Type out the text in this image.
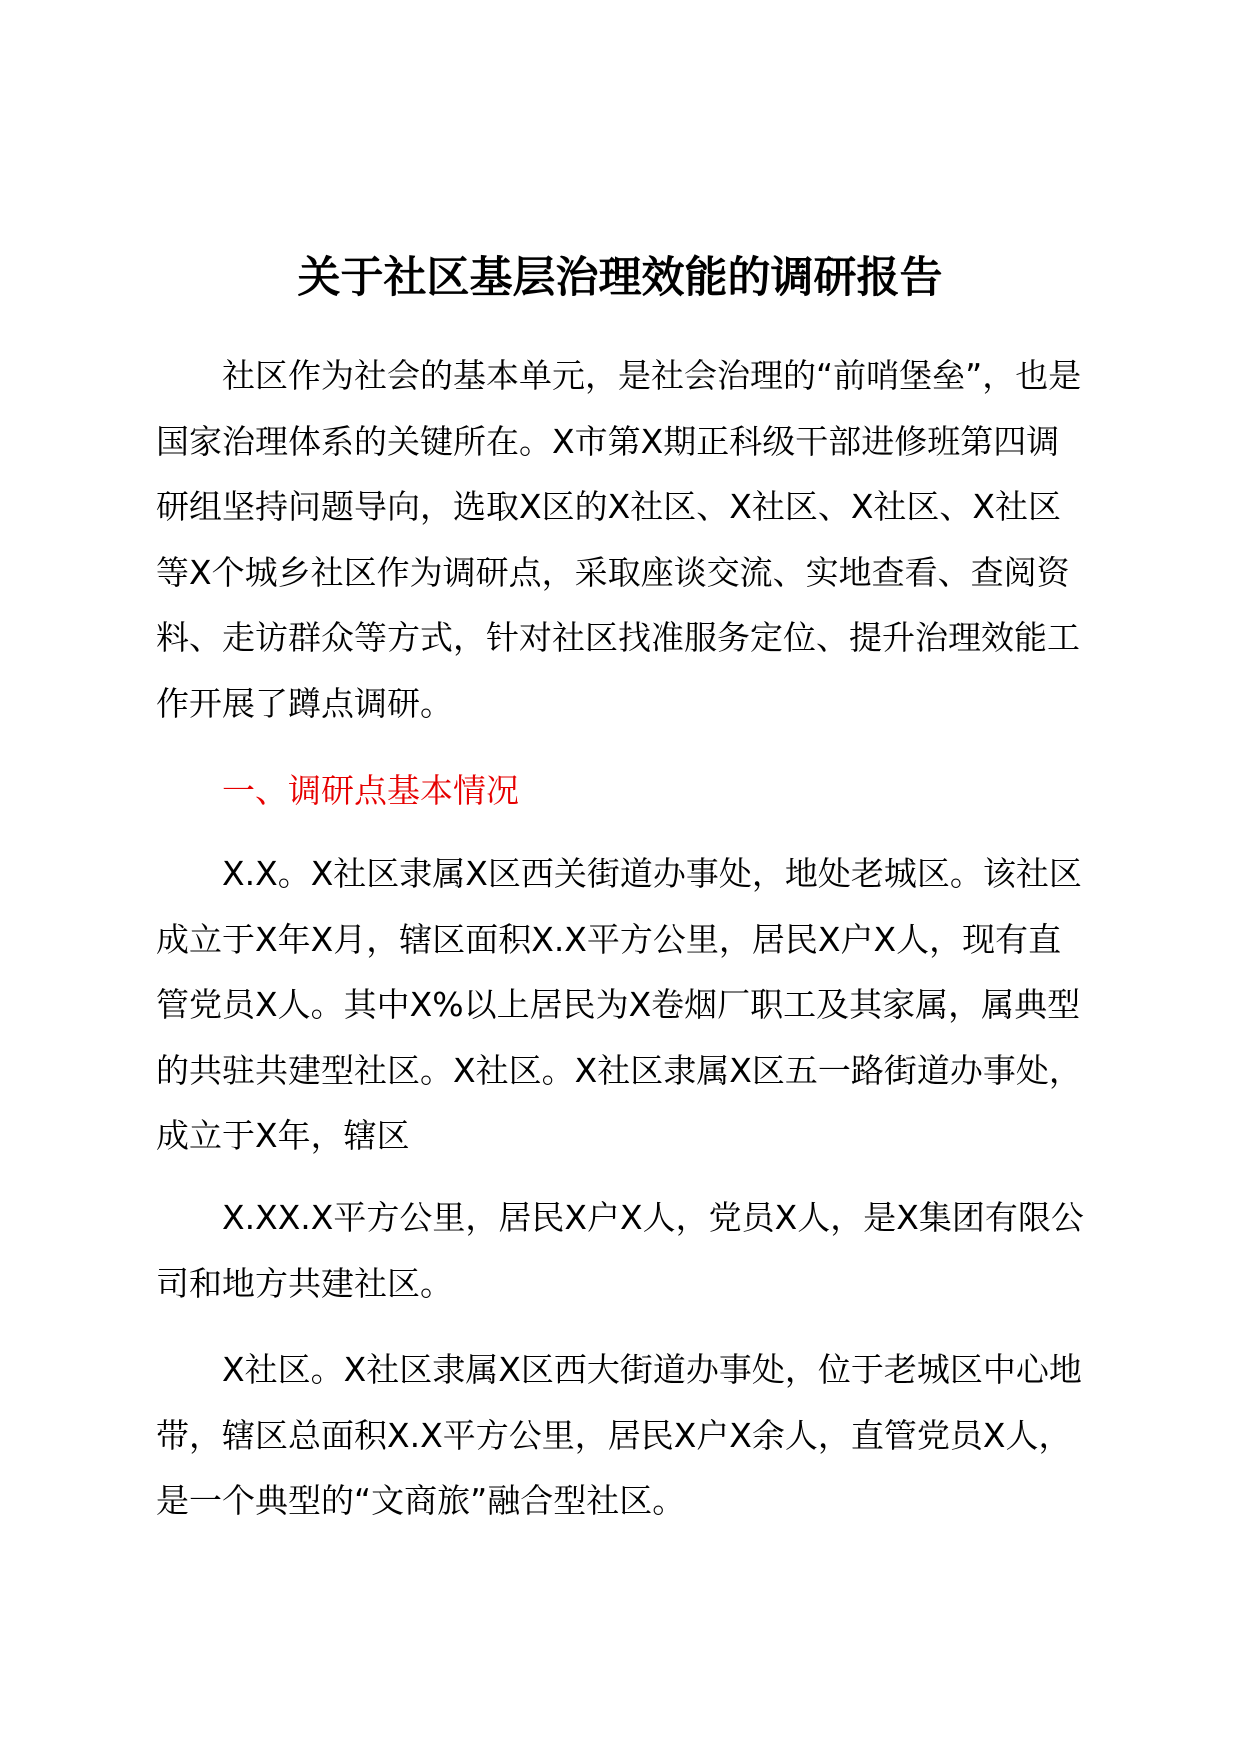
关于社区基层治理效能的调研报告

社区作为社会的基本单元，是社会治理的“前哨堡垒”，也是国家治理体系的关键所在。X市第X期正科级干部进修班第四调研组坚持问题导向，选取X区的X社区、X社区、X社区、X社区等X个城乡社区作为调研点，采取座谈交流、实地查看、查阅资料、走访群众等方式，针对社区找准服务定位、提升治理效能工作开展了蹲点调研。

一、调研点基本情况

X.X。X社区隶属X区西关街道办事处，地处老城区。该社区成立于X年X月，辖区面积X.X平方公里，居民X户X人，现有直管党员X人。其中X%以上居民为X卷烟厂职工及其家属，属典型的共驻共建型社区。X社区。X社区隶属X区五一路街道办事处，成立于X年，辖区

X.XX.X平方公里，居民X户X人，党员X人，是X集团有限公司和地方共建社区。

X社区。X社区隶属X区西大街道办事处，位于老城区中心地带，辖区总面积X.X平方公里，居民X户X余人，直管党员X人，是一个典型的“文商旅”融合型社区。
